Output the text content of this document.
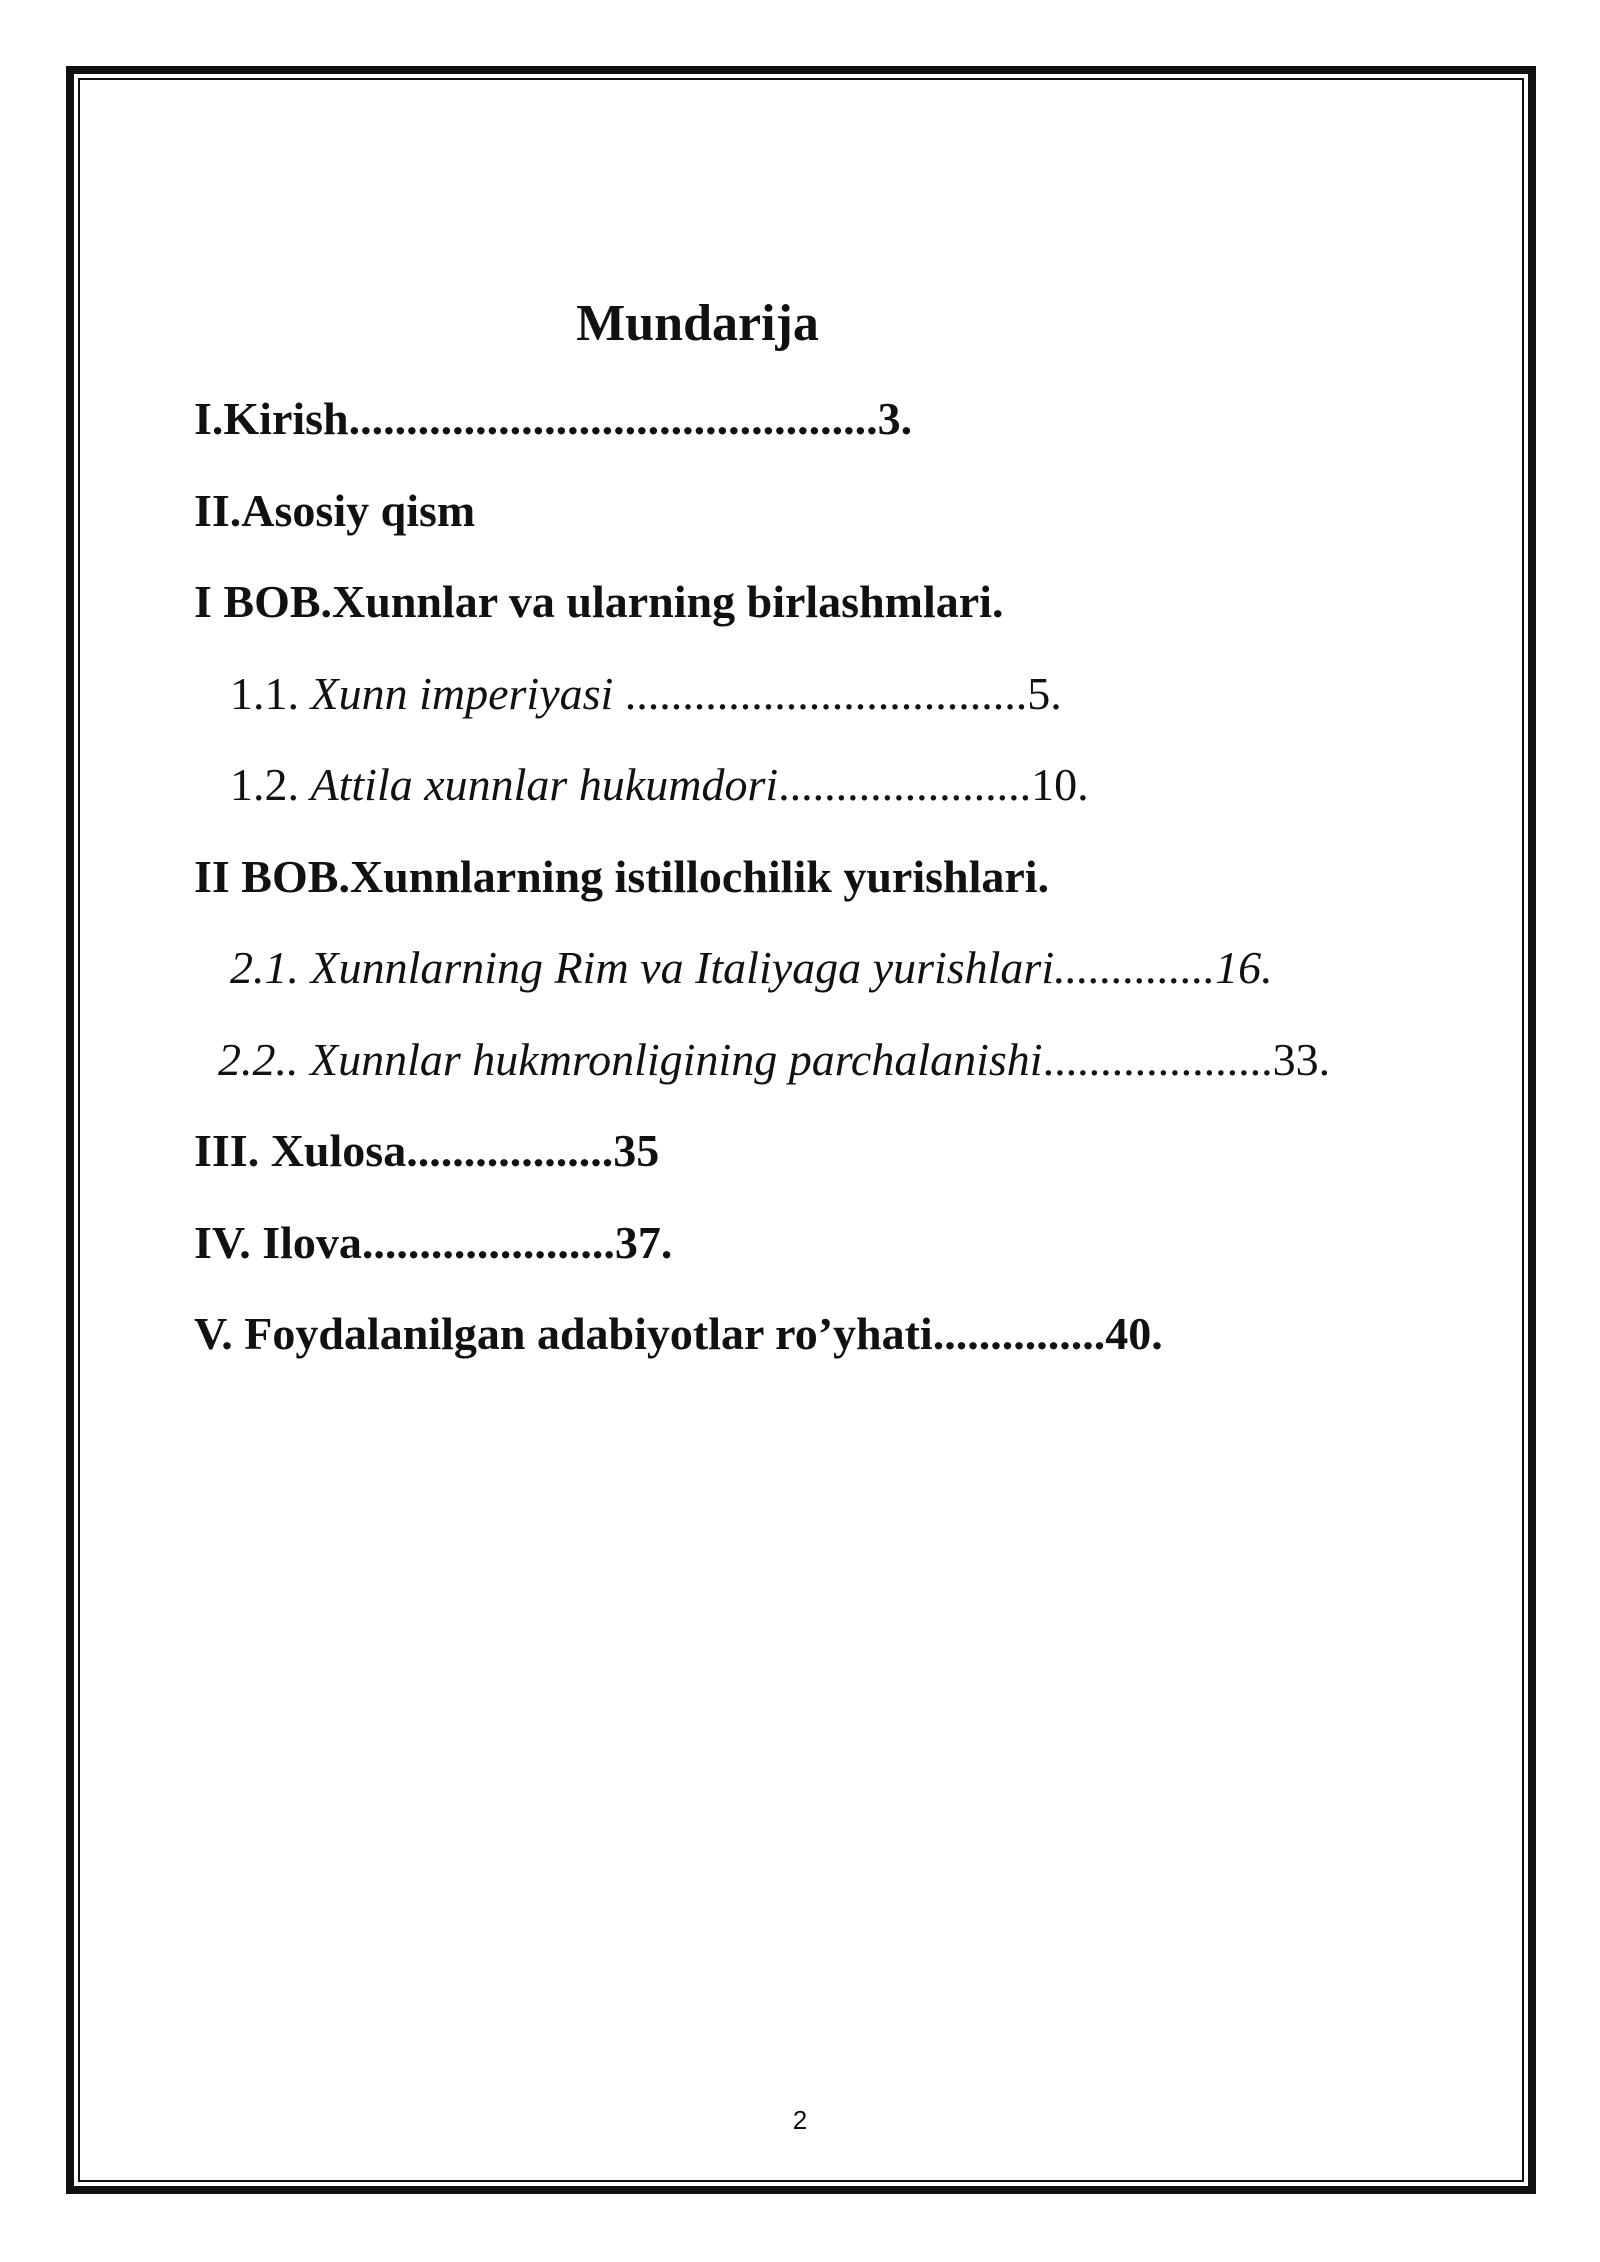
Mundarija
I.Kirish..............................................3.
II.Asosiy qism
I BOB.Xunnlar va ularning birlashmlari.
1.1. Xunn imperiyasi ...................................5.
1.2. Attila xunnlar hukumdori......................10.
II BOB.Xunnlarning istillochilik yurishlari.
2.1. Xunnlarning Rim va Italiyaga yurishlari..............16.
2.2.. Xunnlar hukmronligining parchalanishi....................33.
III. Xulosa..................35
IV. Ilova......................37.
V. Foydalanilgan adabiyotlar ro’yhati...............40.
2
